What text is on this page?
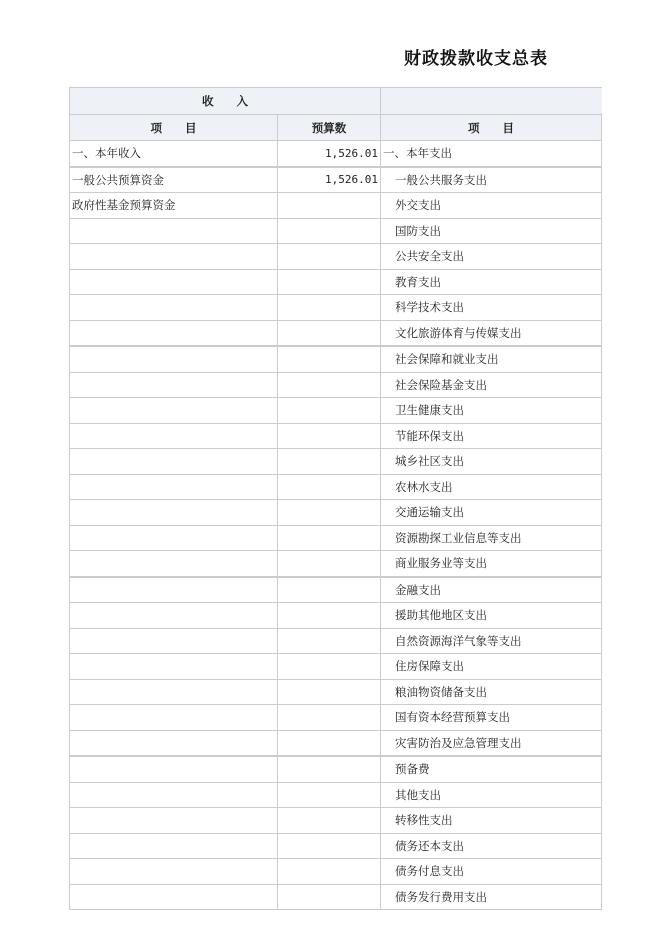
财政拨款收支总表
收　　入		
项　　目	预算数	项　　目
一、本年收入	1,526.01	一、本年支出
一般公共预算资金	1,526.01	一般公共服务支出
政府性基金预算资金		外交支出
		国防支出
		公共安全支出
		教育支出
		科学技术支出
		文化旅游体育与传媒支出
		社会保障和就业支出
		社会保险基金支出
		卫生健康支出
		节能环保支出
		城乡社区支出
		农林水支出
		交通运输支出
		资源勘探工业信息等支出
		商业服务业等支出
		金融支出
		援助其他地区支出
		自然资源海洋气象等支出
		住房保障支出
		粮油物资储备支出
		国有资本经营预算支出
		灾害防治及应急管理支出
		预备费
		其他支出
		转移性支出
		债务还本支出
		债务付息支出
		债务发行费用支出
